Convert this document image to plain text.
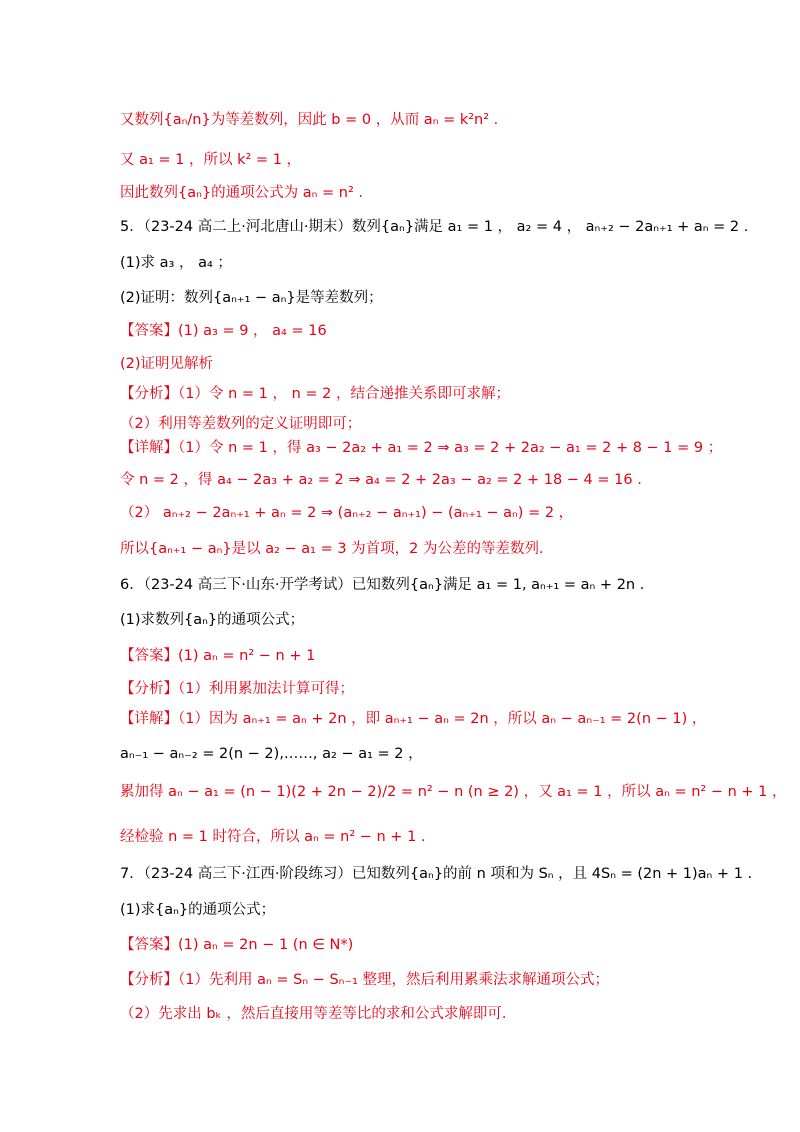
又数列{aₙ/n}为等差数列，因此 b = 0 ，从而 aₙ = k²n² .
又 a₁ = 1 ，所以 k² = 1 ，
因此数列{aₙ}的通项公式为 aₙ = n² .
5．（23-24 高二上·河北唐山·期末）数列{aₙ}满足 a₁ = 1 ， a₂ = 4 ， aₙ₊₂ − 2aₙ₊₁ + aₙ = 2 .
(1)求 a₃ ， a₄ ；
(2)证明：数列{aₙ₊₁ − aₙ}是等差数列；
【答案】(1) a₃ = 9 ， a₄ = 16
(2)证明见解析
【分析】（1）令 n = 1 ， n = 2 ，结合递推关系即可求解；
（2）利用等差数列的定义证明即可；
【详解】（1）令 n = 1 ，得 a₃ − 2a₂ + a₁ = 2 ⇒ a₃ = 2 + 2a₂ − a₁ = 2 + 8 − 1 = 9 ；
令 n = 2 ，得 a₄ − 2a₃ + a₂ = 2 ⇒ a₄ = 2 + 2a₃ − a₂ = 2 + 18 − 4 = 16 .
（2） aₙ₊₂ − 2aₙ₊₁ + aₙ = 2 ⇒ (aₙ₊₂ − aₙ₊₁) − (aₙ₊₁ − aₙ) = 2 ，
所以{aₙ₊₁ − aₙ}是以 a₂ − a₁ = 3 为首项，2 为公差的等差数列.
6．（23-24 高三下·山东·开学考试）已知数列{aₙ}满足 a₁ = 1, aₙ₊₁ = aₙ + 2n .
(1)求数列{aₙ}的通项公式；
【答案】(1) aₙ = n² − n + 1
【分析】（1）利用累加法计算可得；
【详解】（1）因为 aₙ₊₁ = aₙ + 2n ，即 aₙ₊₁ − aₙ = 2n ，所以 aₙ − aₙ₋₁ = 2(n − 1) ，
aₙ₋₁ − aₙ₋₂ = 2(n − 2),……, a₂ − a₁ = 2 ，
累加得 aₙ − a₁ = (n − 1)(2 + 2n − 2)/2 = n² − n (n ≥ 2) ，又 a₁ = 1 ，所以 aₙ = n² − n + 1 ，
经检验 n = 1 时符合，所以 aₙ = n² − n + 1 .
7．（23-24 高三下·江西·阶段练习）已知数列{aₙ}的前 n 项和为 Sₙ ，且 4Sₙ = (2n + 1)aₙ + 1 .
(1)求{aₙ}的通项公式；
【答案】(1) aₙ = 2n − 1 (n ∈ N*)
【分析】（1）先利用 aₙ = Sₙ − Sₙ₋₁ 整理，然后利用累乘法求解通项公式；
（2）先求出 bₖ ，然后直接用等差等比的求和公式求解即可.
